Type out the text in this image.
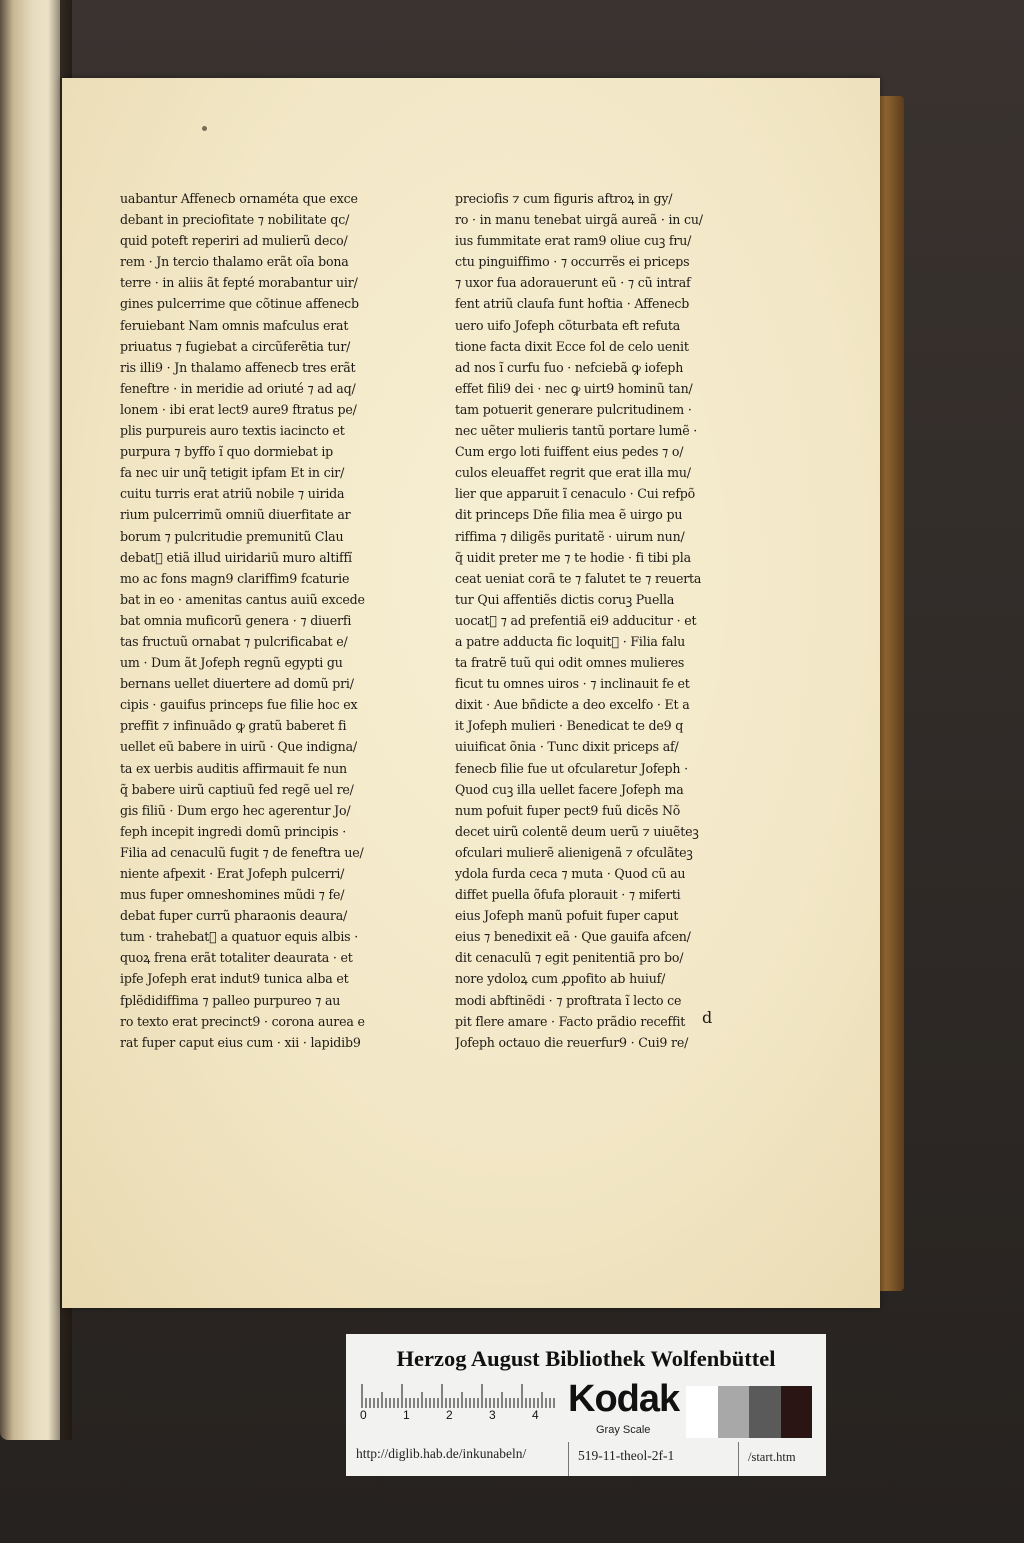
uabantur Affenecb ornaméta que exce
debant in preciofitate ⁊ nobilitate qc/
quid poteft reperiri ad mulierũ deco/
rem · Jn tercio thalamo erãt oĩa bona
terre · in aliis ãt fepté morabantur uir/
gines pulcerrime que cõtinue affenecb
feruiebant Nam omnis mafculus erat
priuatus ⁊ fugiebat a circũferẽtia tur/
ris illi9 · Jn thalamo affenecb tres erãt
feneftre · in meridie ad oriuté ⁊ ad aq/
lonem · ibi erat lect9 aure9 ftratus pe/
plis purpureis auro textis iacincto et
purpura ⁊ byffo ĩ quo dormiebat ip
fa nec uir unq̃ tetigit ipfam Et in cir/
cuitu turris erat atriũ nobile ⁊ uirida
rium pulcerrimũ omniũ diuerfitate ar
borum ⁊ pulcritudie premunitũ Clau
debat᷑ etiã illud uiridariũ muro altiffĩ
mo ac fons magn9 clariffim9 fcaturie
bat in eo · amenitas cantus auiũ excede
bat omnia muficorũ genera · ⁊ diuerfi
tas fructuũ ornabat ⁊ pulcrificabat e/
um · Dum ãt Jofeph regnũ egypti gu
bernans uellet diuertere ad domũ pri/
cipis · gauifus princeps fue filie hoc ex
preffit ⁊ infinuãdo ꝙ gratũ baberet fi
uellet eũ babere in uirũ · Que indigna/
ta ex uerbis auditis affirmauit fe nun
q̃ babere uirũ captiuũ fed regẽ uel re/
gis filiũ · Dum ergo hec agerentur Jo/
feph incepit ingredi domũ principis ·
Filia ad cenaculũ fugit ⁊ de feneftra ue/
niente afpexit · Erat Jofeph pulcerri/
mus fuper omneshomines mũdi ⁊ fe/
debat fuper currũ pharaonis deaura/
tum · trahebat᷑ a quatuor equis albis ·
quoꝝ frena erãt totaliter deaurata · et
ipfe Jofeph erat indut9 tunica alba et
fplẽdidiffima ⁊ palleo purpureo ⁊ au
ro texto erat precinct9 · corona aurea e
rat fuper caput eius cum · xii · lapidib9
preciofis ⁊ cum figuris aftroꝝ in gy/
ro · in manu tenebat uirgã aureã · in cu/
ius fummitate erat ram9 oliue cuꝫ fru/
ctu pinguiffimo · ⁊ occurrẽs ei priceps
⁊ uxor fua adorauerunt eũ · ⁊ cũ intraf
fent atriũ claufa funt hoftia · Affenecb
uero uifo Jofeph cõturbata eft refuta
tione facta dixit Ecce fol de celo uenit
ad nos ĩ curfu fuo · nefciebã ꝙ iofeph
effet fili9 dei · nec ꝙ uirt9 hominũ tan/
tam potuerit generare pulcritudinem ·
nec uẽter mulieris tantũ portare lumẽ ·
Cum ergo loti fuiffent eius pedes ⁊ o/
culos eleuaffet regrit que erat illa mu/
lier que apparuit ĩ cenaculo · Cui refpõ
dit princeps Dñe filia mea ẽ uirgo pu
riffima ⁊ diligẽs puritatẽ · uirum nun/
q̃ uidit preter me ⁊ te hodie · fi tibi pla
ceat ueniat corã te ⁊ falutet te ⁊ reuerta
tur Qui affentiẽs dictis coruꝫ Puella
uocat᷑ ⁊ ad prefentiã ei9 adducitur · et
a patre adducta fic loquit᷑ · Filia falu
ta fratrẽ tuũ qui odit omnes mulieres
ficut tu omnes uiros · ⁊ inclinauit fe et
dixit · Aue bñdicte a deo excelfo · Et a
it Jofeph mulieri · Benedicat te de9 q
uiuificat õnia · Tunc dixit priceps af/
fenecb filie fue ut ofcularetur Jofeph ·
Quod cuꝫ illa uellet facere Jofeph ma
num pofuit fuper pect9 fuũ dicẽs Nõ
decet uirũ colentẽ deum uerũ ⁊ uiuẽteꝫ
ofculari mulierẽ alienigenã ⁊ ofculãteꝫ
ydola furda ceca ⁊ muta · Quod cũ au
diffet puella õfufa plorauit · ⁊ miferti
eius Jofeph manũ pofuit fuper caput
eius ⁊ benedixit eã · Que gauifa afcen/
dit cenaculũ ⁊ egit penitentiã pro bo/
nore ydoloꝝ cum ꝓpofito ab huiuf/
modi abftinẽdi · ⁊ proftrata ĩ lecto ce
pit flere amare · Facto prãdio receffit
Jofeph octauo die reuerfur9 · Cui9 re/
d
Herzog August Bibliothek Wolfenbüttel
0	1	2	3	4 Kodak
Gray Scale
http://diglib.hab.de/inkunabeln/	519-11-theol-2f-1	/start.htm
